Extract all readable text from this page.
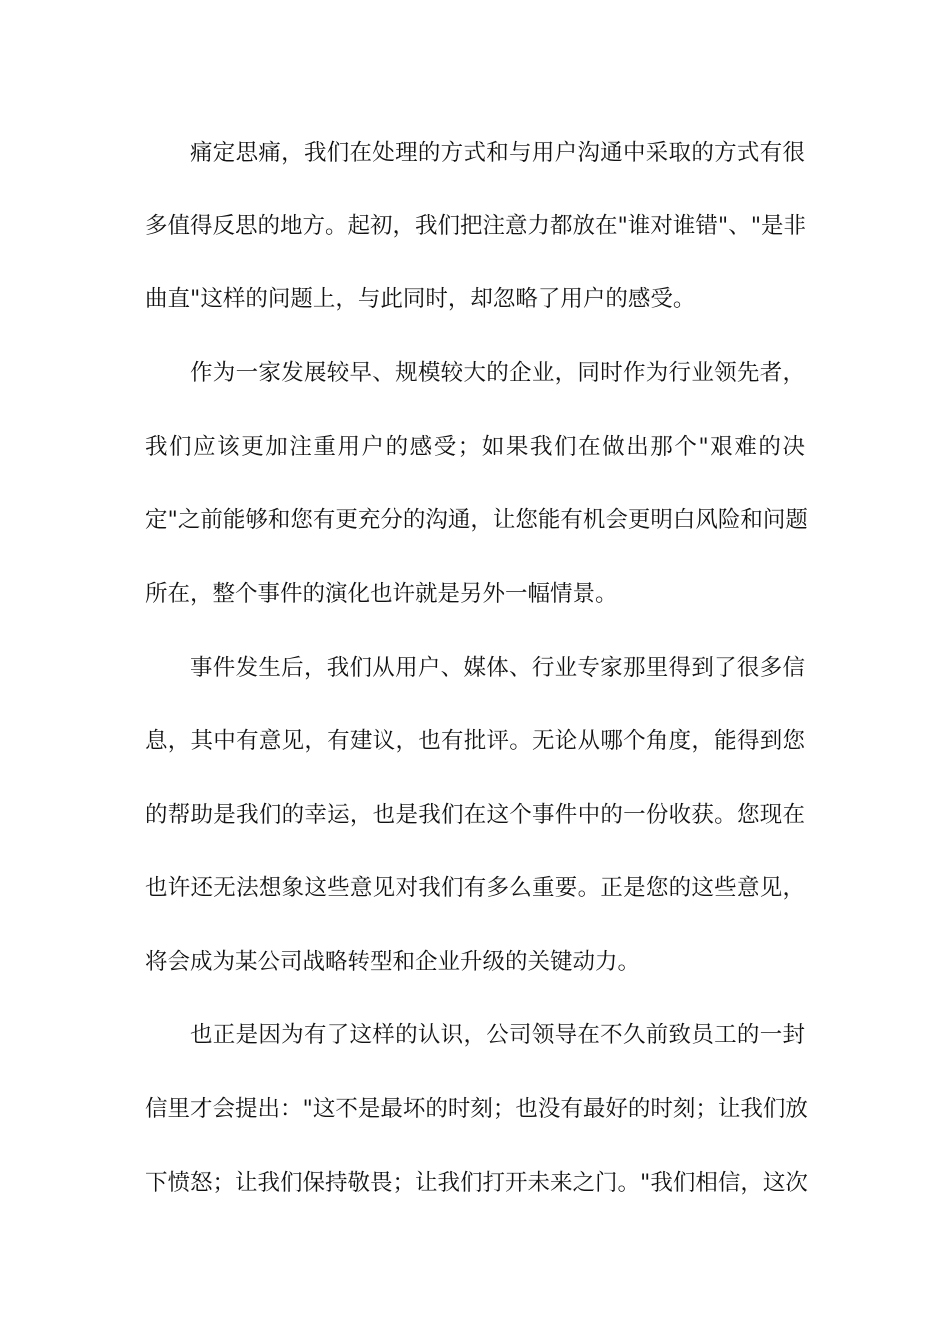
痛定思痛，我们在处理的方式和与用户沟通中采取的方式有很

多值得反思的地方。起初，我们把注意力都放在"谁对谁错"、"是非

曲直"这样的问题上，与此同时，却忽略了用户的感受。

作为一家发展较早、规模较大的企业，同时作为行业领先者，

我们应该更加注重用户的感受；如果我们在做出那个"艰难的决

定"之前能够和您有更充分的沟通，让您能有机会更明白风险和问题

所在，整个事件的演化也许就是另外一幅情景。

事件发生后，我们从用户、媒体、行业专家那里得到了很多信

息，其中有意见，有建议，也有批评。无论从哪个角度，能得到您

的帮助是我们的幸运，也是我们在这个事件中的一份收获。您现在

也许还无法想象这些意见对我们有多么重要。正是您的这些意见，

将会成为某公司战略转型和企业升级的关键动力。

也正是因为有了这样的认识，公司领导在不久前致员工的一封

信里才会提出："这不是最坏的时刻；也没有最好的时刻；让我们放

下愤怒；让我们保持敬畏；让我们打开未来之门。"我们相信，这次
